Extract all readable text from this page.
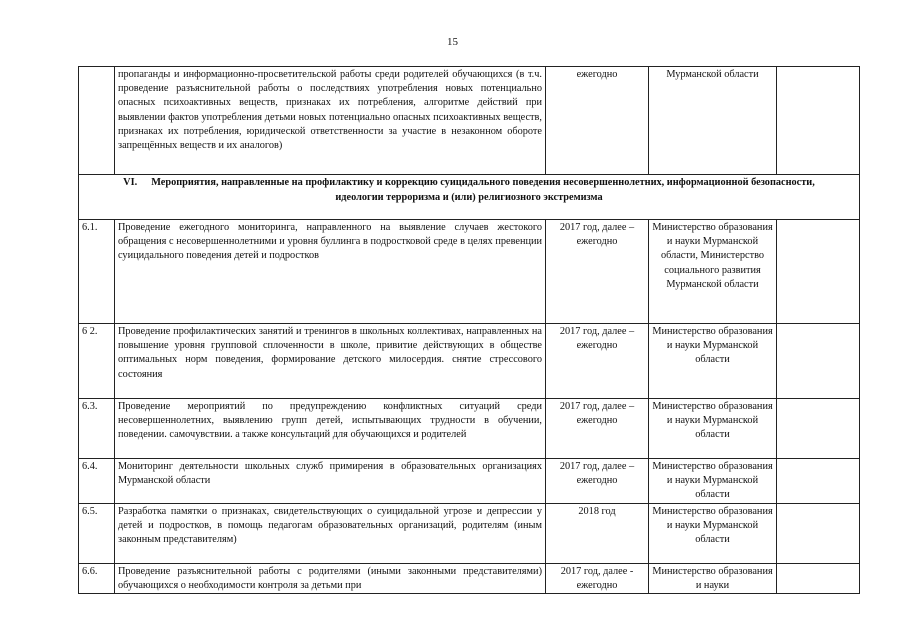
15
	пропаганды и информационно-просветительской работы среди родителей обучающихся (в т.ч. проведение разъяснительной работы о последствиях употребления новых потенциально опасных психоактивных веществ, признаках их потребления, алгоритме действий при выявлении фактов употребления детьми новых потенциально опасных психоактивных веществ, признаках их потребления, юридической ответственности за участие в незаконном обороте запрещённых веществ и их аналогов)	ежегодно	Мурманской области	
VI. Мероприятия, направленные на профилактику и коррекцию суицидального поведения несовершеннолетних, информационной безопасности, идеологии терроризма и (или) религиозного экстремизма				
6.1.	Проведение ежегодного мониторинга, направленного на выявление случаев жестокого обращения с несовершеннолетними и уровня буллинга в подростковой среде в целях превенции суицидального поведения детей и подростков	2017 год, далее – ежегодно	Министерство образования и науки Мурманской области, Министерство социального развития Мурманской области	
6 2.	Проведение профилактических занятий и тренингов в школьных коллективах, направленных на повышение уровня групповой сплоченности в школе, привитие действующих в обществе оптимальных норм поведения, формирование детского милосердия. снятие стрессового состояния	2017 год, далее – ежегодно	Министерство образования и науки Мурманской области	
6.3.	Проведение мероприятий по предупреждению конфликтных ситуаций среди несовершеннолетних, выявлению групп детей, испытывающих трудности в обучении, поведении. самочувствии. а также консультаций для обучающихся и родителей	2017 год, далее – ежегодно	Министерство образования и науки Мурманской области	
6.4.	Мониторинг деятельности школьных служб примирения в образовательных организациях Мурманской области	2017 год, далее – ежегодно	Министерство образования и науки Мурманской области	
6.5.	Разработка памятки о признаках, свидетельствующих о суицидальной угрозе и депрессии у детей и подростков, в помощь педагогам образовательных организаций, родителям (иным законным представителям)	2018 год	Министерство образования и науки Мурманской области	
6.6.	Проведение разъяснительной работы с родителями (иными законными представителями) обучающихся о необходимости контроля за детьми при	2017 год, далее - ежегодно	Министерство образования и науки	
